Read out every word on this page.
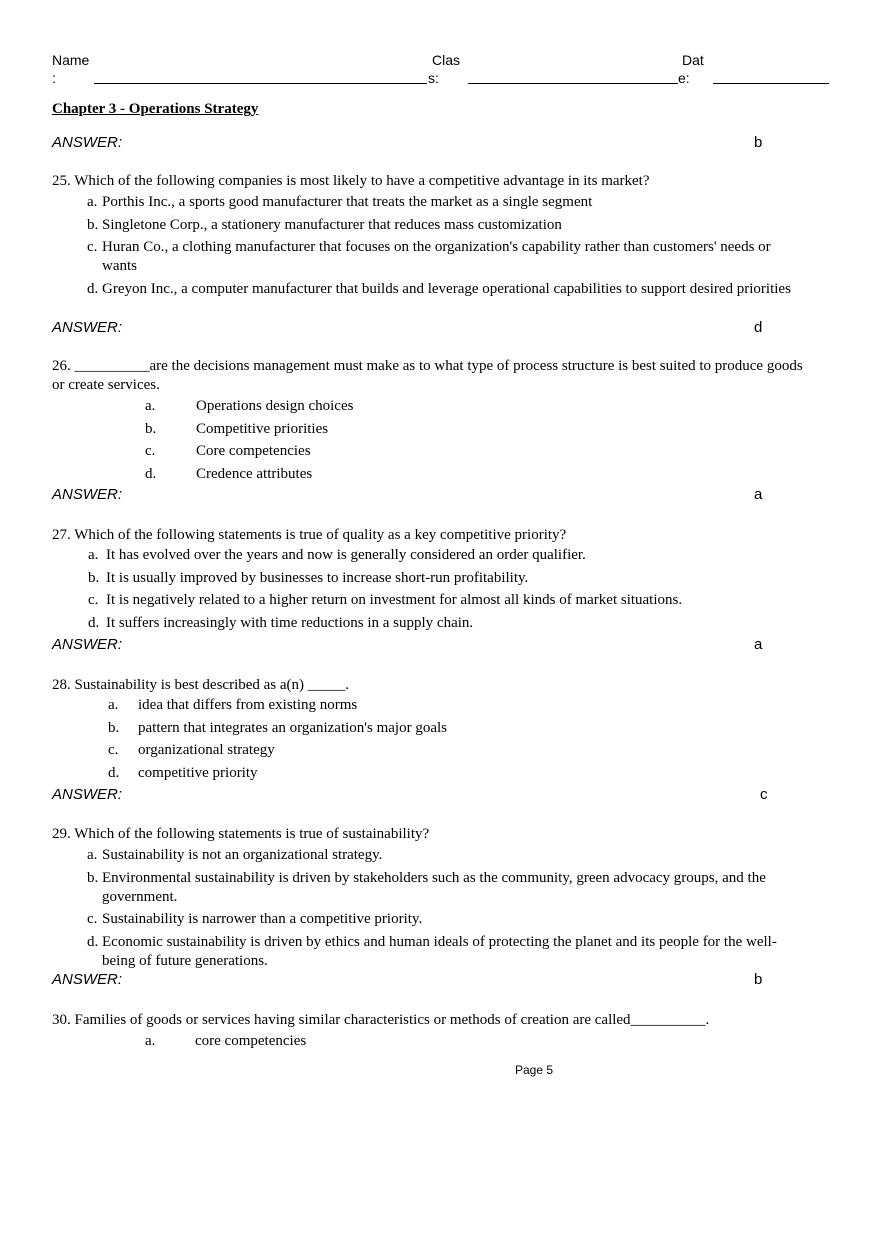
Name
:
Clas
s:
Dat
e:
Chapter 3 - Operations Strategy
ANSWER:	b
25. Which of the following companies is most likely to have a competitive advantage in its market?
a. Porthis Inc., a sports good manufacturer that treats the market as a single segment
b. Singletone Corp., a stationery manufacturer that reduces mass customization
c. Huran Co., a clothing manufacturer that focuses on the organization's capability rather than customers' needs or wants
d. Greyon Inc., a computer manufacturer that builds and leverage operational capabilities to support desired priorities
ANSWER:	d
26. __________are the decisions management must make as to what type of process structure is best suited to produce goods or create services.
a.	Operations design choices
b.	Competitive priorities
c.	Core competencies
d.	Credence attributes
ANSWER:	a
27. Which of the following statements is true of quality as a key competitive priority?
a. It has evolved over the years and now is generally considered an order qualifier.
b. It is usually improved by businesses to increase short-run profitability.
c. It is negatively related to a higher return on investment for almost all kinds of market situations.
d. It suffers increasingly with time reductions in a supply chain.
ANSWER:	a
28. Sustainability is best described as a(n) _____.
a. idea that differs from existing norms
b. pattern that integrates an organization's major goals
c. organizational strategy
d. competitive priority
ANSWER:	c
29. Which of the following statements is true of sustainability?
a. Sustainability is not an organizational strategy.
b. Environmental sustainability is driven by stakeholders such as the community, green advocacy groups, and the government.
c. Sustainability is narrower than a competitive priority.
d. Economic sustainability is driven by ethics and human ideals of protecting the planet and its people for the well-being of future generations.
ANSWER:	b
30. Families of goods or services having similar characteristics or methods of creation are called__________.
a.	core competencies
Page 5
